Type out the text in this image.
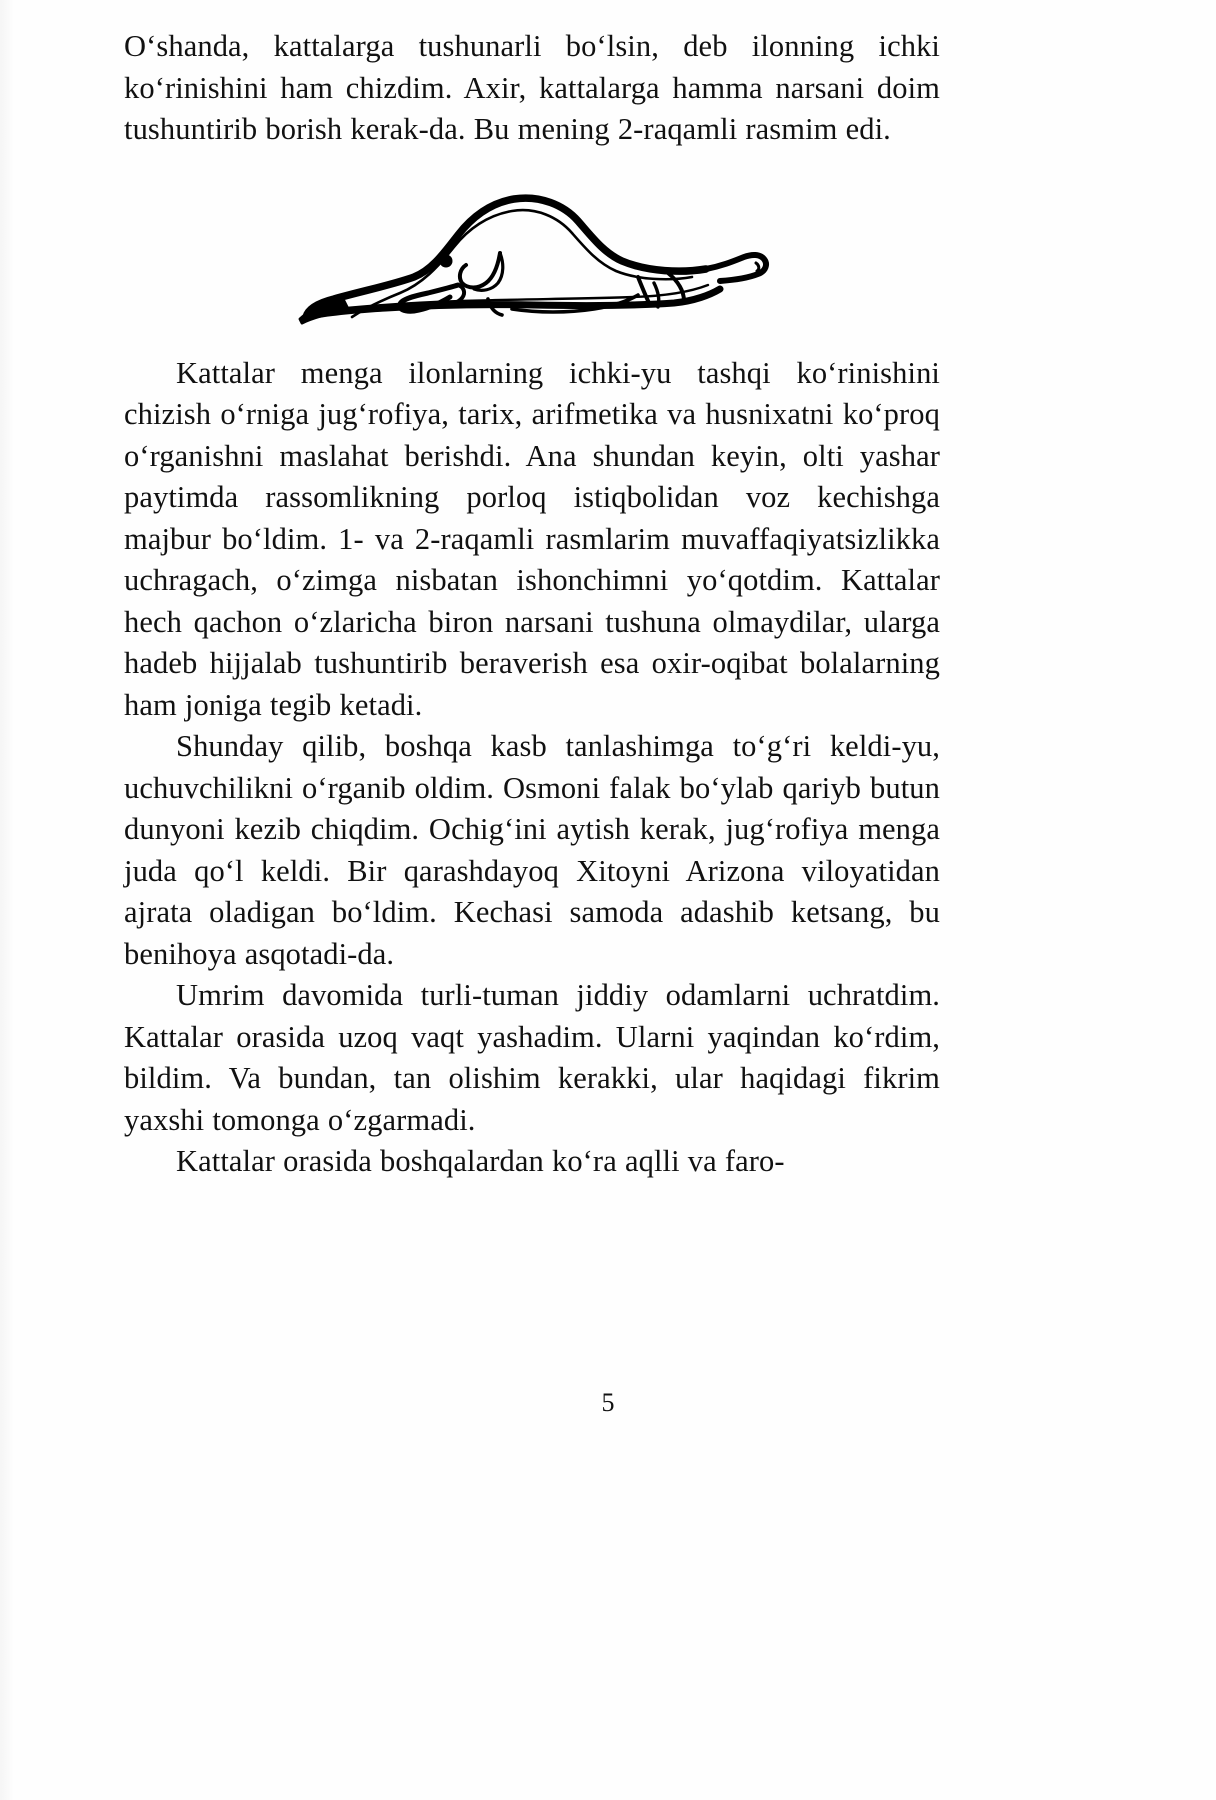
O‘shanda, kattalarga tushunarli bo‘lsin, deb ilonning ichki ko‘rinishini ham chizdim. Axir, kattalarga hamma narsani doim tushuntirib borish kerak-da. Bu mening 2-raqamli rasmim edi.

Kattalar menga ilonlarning ichki-yu tashqi ko‘rinishini chizish o‘rniga jug‘rofiya, tarix, arifmetika va husnixatni ko‘proq o‘rganishni maslahat berishdi. Ana shundan keyin, olti yashar paytimda rassomlikning porloq istiqbolidan voz kechishga majbur bo‘ldim. 1- va 2-raqamli rasmlarim muvaffaqiyatsizlikka uchragach, o‘zimga nisbatan ishonchimni yo‘qotdim. Kattalar hech qachon o‘zlaricha biron narsani tushuna olmaydilar, ularga hadeb hijjalab tushuntirib beraverish esa oxir-oqibat bolalarning ham joniga tegib ketadi.

Shunday qilib, boshqa kasb tanlashimga to‘g‘ri keldi-yu, uchuvchilikni o‘rganib oldim. Osmoni falak bo‘ylab qariyb butun dunyoni kezib chiqdim. Ochig‘ini aytish kerak, jug‘rofiya menga juda qo‘l keldi. Bir qarashdayoq Xitoyni Arizona viloyatidan ajrata oladigan bo‘ldim. Kechasi samoda adashib ketsang, bu benihoya asqotadi-da.

Umrim davomida turli-tuman jiddiy odamlarni uchratdim. Kattalar orasida uzoq vaqt yashadim. Ularni yaqindan ko‘rdim, bildim. Va bundan, tan olishim kerakki, ular haqidagi fikrim yaxshi tomonga o‘zgarmadi.

Kattalar orasida boshqalardan ko‘ra aqlli va faro-

5
